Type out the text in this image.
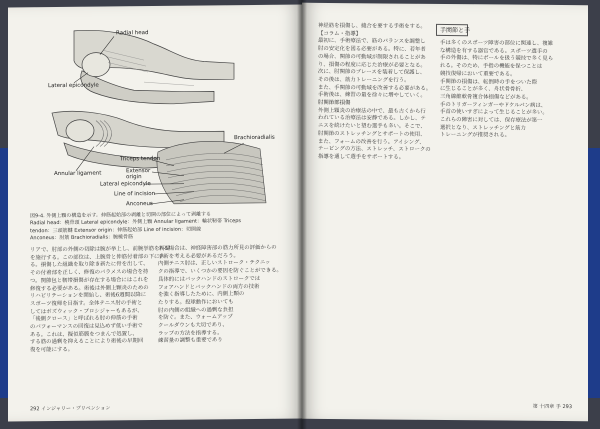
Radial head
Lateral epicondyle
Annular ligament
Brachioradialis
Triceps tendon
Extensor
origin
Lateral epicondyle
Line of incision
Anconeus
図9-4. 外側上顆の構造を示す。伸筋起始部の剥離と切開の部位によって剥離する
Radial head：橈骨頭 Lateral epicondyle：外側上顆 Annular ligament：輪状靭帯 Triceps
tendon：三頭筋腱 Extensor origin：伸筋起始部 Line of incision：切開線
Anconeus：肘筋 Brachioradialis：腕橈骨筋
リアで、肘部の外側の切除は腕が挙上し、前腕挙筋を再建
を施行する。この部位は、上腕骨と伸筋付着部の下にあ
る。損傷した組織を取り除き新たに骨を出して、
その付着部を正しく、修復のパラメスの場合を持
つ。関節包と靭帯損傷が存在する場合にはこれを
修復する必要がある。術後は外側上顆炎のための
リハビリテーションを開始し、術後6週間以降に
スポーツ復帰を目指す。全体テニス肘の手術と
してはボズウィック・プロシジャーもあるが、
「後側クロース」と呼ばれる肘の伸筋の手術
のパフォーマンスの回復は見込めず低い手術で
ある。これは、擬似筋膜をつまんで処置し、
する筋の過剰を抑えることにより術後の早期回
復を可能にする。
ある場合は、神経障害部の筋力所見の評価からの
手術を考える必要があるだろう。
内側テニス肘は、正しいストローク・テクニッ
クの指導で、いくつかの要因を防ぐことができる。
具体的にはバックハンドのストロークでは
フォアハンドとバックハンドの両方の技術
を強く指導したために、内側上顆の
たりする。投球動作においても
肘の内側の組織への過剰な負担
を防ぐ。また、ウォームアップ
クールダウンも大切であり、
ラップの方法を指導する。
練習量の調整も重要であり
292 インジャリー・プリベンション
神経筋を損傷し、縫合を要する手術をする。
【コラム・指導】
最初に、手術療法で、筋のバランスを調整し
肘の安定化を図る必要がある。特に、若年者
の場合、関節の可動域が制限されることがあ
り、損傷の程度に応じた治療が必要となる。
次に、肘関節のブレースを装着して保護し、
その後は、筋力トレーニングを行う。
また、手関節の可動域を改善する必要がある。
手術後は、練習の量を徐々に増やしていく。
肘関節部損傷
外側上顆炎の治療法の中で、最も古くから行
われている治療法は安静である。しかし、テ
ニスを続けたいと望む選手も多い。そこで、
肘関節のストレッチングとサポートの使用、
また、フォームの改善を行う。アイシング、
テーピングの方法、ストレッチ、ストロークの
指導を通して選手をサポートする。
手関節と手
手は多くのスポーツ障害の部位に関連し、複雑
な構造を有する器官である。スポーツ選手の
手の外傷は、特にボールを扱う競技で多く見ら
れる。そのため、手指の機能を保つことは
競技復帰において重要である。
手関節の損傷は、転倒時の手をついた際
に生じることが多く、舟状骨骨折、
三角線維軟骨複合体損傷などがある。
手のトリガーフィンガーやドケルバン病は、
手首の使いすぎによって生じることが多い。
これらの障害に対しては、保存療法が第一
選択となり、ストレッチングと筋力
トレーニングが推奨される。
第 十四章 手 293
